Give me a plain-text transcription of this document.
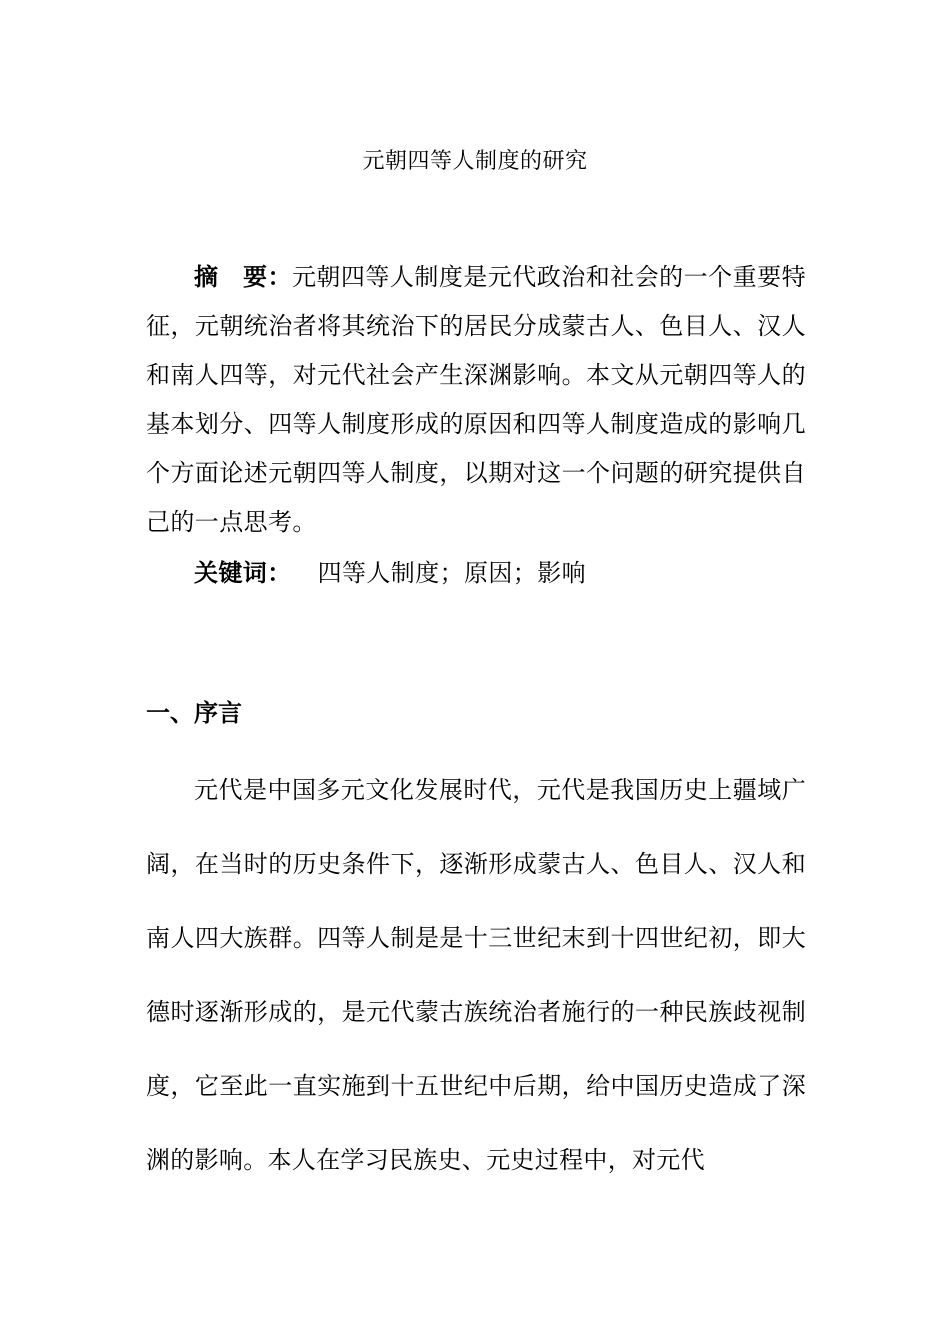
元朝四等人制度的研究

摘　要：元朝四等人制度是元代政治和社会的一个重要特征，元朝统治者将其统治下的居民分成蒙古人、色目人、汉人和南人四等，对元代社会产生深渊影响。本文从元朝四等人的基本划分、四等人制度形成的原因和四等人制度造成的影响几个方面论述元朝四等人制度，以期对这一个问题的研究提供自己的一点思考。

关键词： 四等人制度；原因；影响

一、序言

元代是中国多元文化发展时代，元代是我国历史上疆域广阔，在当时的历史条件下，逐渐形成蒙古人、色目人、汉人和南人四大族群。四等人制是是十三世纪末到十四世纪初，即大德时逐渐形成的，是元代蒙古族统治者施行的一种民族歧视制度，它至此一直实施到十五世纪中后期，给中国历史造成了深渊的影响。本人在学习民族史、元史过程中，对元代
